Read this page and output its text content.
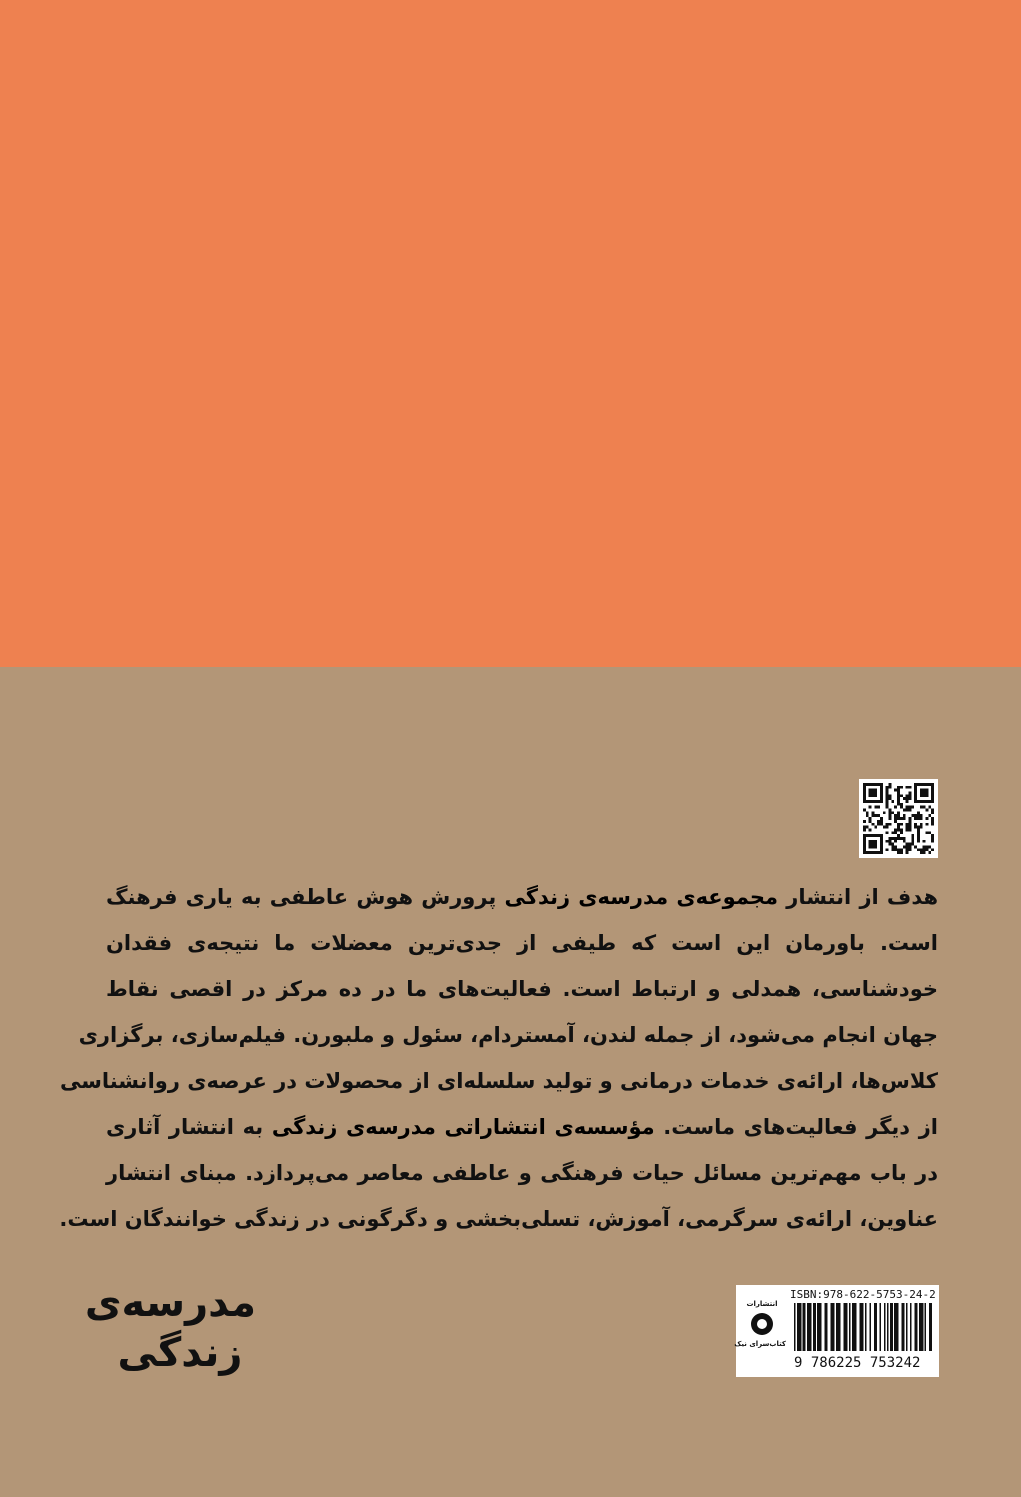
هدف از انتشار مجموعه‌ی مدرسه‌ی زندگی پرورش هوش عاطفی به یاری فرهنگ
است. باورمان این است که طیفی از جدی‌ترین معضلات ما نتیجه‌ی فقدان
خودشناسی، همدلی و ارتباط است. فعالیت‌های ما در ده مرکز در اقصی نقاط
جهان انجام می‌شود، از جمله لندن، آمستردام، سئول و ملبورن. فیلم‌سازی، برگزاری
کلاس‌ها، ارائه‌ی خدمات درمانی و تولید سلسله‌ای از محصولات در عرصه‌ی روانشناسی
از دیگر فعالیت‌های ماست. مؤسسه‌ی انتشاراتی مدرسه‌ی زندگی به انتشار آثاری
در باب مهم‌ترین مسائل حیات فرهنگی و عاطفی معاصر می‌پردازد. مبنای انتشار
عناوین، ارائه‌ی سرگرمی، آموزش، تسلی‌بخشی و دگرگونی در زندگی خوانندگان است.
مدرسه‌ی
زندگی
انتشارات
کتاب‌سرای نیک
ISBN:978-622-5753-24-2
9 786225 753242
